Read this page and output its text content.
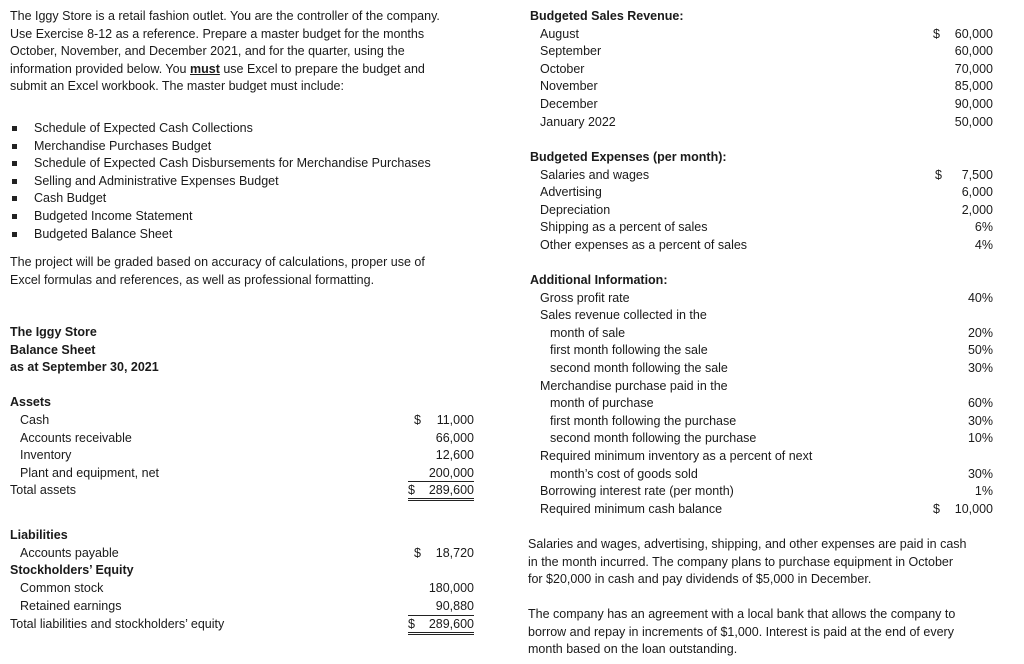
The Iggy Store is a retail fashion outlet. You are the controller of the company.

Use Exercise 8-12 as a reference. Prepare a master budget for the months

October, November, and December 2021, and for the quarter, using the

information provided below. You must use Excel to prepare the budget and

submit an Excel workbook. The master budget must include:

Schedule of Expected Cash Collections
Merchandise Purchases Budget
Schedule of Expected Cash Disbursements for Merchandise Purchases
Selling and Administrative Expenses Budget
Cash Budget
Budgeted Income Statement
Budgeted Balance Sheet

The project will be graded based on accuracy of calculations, proper use of

Excel formulas and references, as well as professional formatting.

The Iggy Store
Balance Sheet
as at September 30, 2021
Assets
Cash	$ 11,000
Accounts receivable	66,000
Inventory	12,600
Plant and equipment, net	200,000
Total assets	$ 289,600
Liabilities
Accounts payable	$ 18,720
Stockholders’ Equity
Common stock	180,000
Retained earnings	90,880
Total liabilities and stockholders’ equity	$ 289,600
Budgeted Sales Revenue:
August	$ 60,000
September	60,000
October	70,000
November	85,000
December	90,000
January 2022	50,000
Budgeted Expenses (per month):
Salaries and wages	$ 7,500
Advertising	6,000
Depreciation	2,000
Shipping as a percent of sales	6%
Other expenses as a percent of sales	4%
Additional Information:
Gross profit rate	40%
Sales revenue collected in the
month of sale	20%
first month following the sale	50%
second month following the sale	30%
Merchandise purchase paid in the
month of purchase	60%
first month following the purchase	30%
second month following the purchase	10%
Required minimum inventory as a percent of next
month’s cost of goods sold	30%
Borrowing interest rate (per month)	1%
Required minimum cash balance	$ 10,000

Salaries and wages, advertising, shipping, and other expenses are paid in cash

in the month incurred. The company plans to purchase equipment in October

for $20,000 in cash and pay dividends of $5,000 in December.

The company has an agreement with a local bank that allows the company to

borrow and repay in increments of $1,000. Interest is paid at the end of every

month based on the loan outstanding.
